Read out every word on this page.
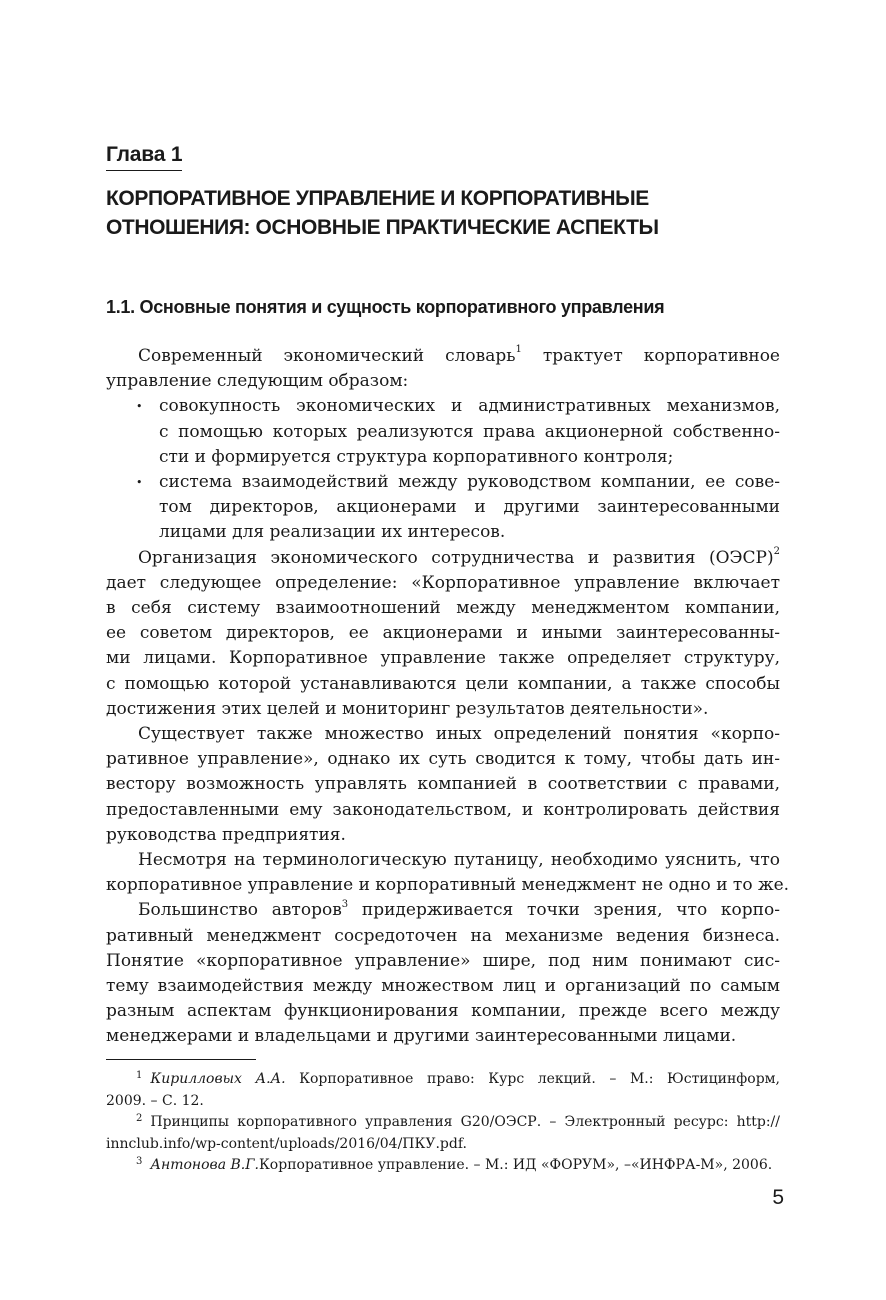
Глава 1
КОРПОРАТИВНОЕ УПРАВЛЕНИЕ И КОРПОРАТИВНЫЕ
ОТНОШЕНИЯ: ОСНОВНЫЕ ПРАКТИЧЕСКИЕ АСПЕКТЫ
1.1. Основные понятия и сущность корпоративного управления
Современный экономический словарь$^1$ трактует корпоративное
управление следующим образом:
• совокупность экономических и административных механизмов,
с помощью которых реализуются права акционерной собственно-
сти и формируется структура корпоративного контроля;
• система взаимодействий между руководством компании, ее сове-
том директоров, акционерами и другими заинтересованными
лицами для реализации их интересов.
Организация экономического сотрудничества и развития (ОЭСР)$^2$
дает следующее определение: «Корпоративное управление включает
в себя систему взаимоотношений между менеджментом компании,
ее советом директоров, ее акционерами и иными заинтересованны-
ми лицами. Корпоративное управление также определяет структуру,
с помощью которой устанавливаются цели компании, а также способы
достижения этих целей и мониторинг результатов деятельности».
Существует также множество иных определений понятия «корпо-
ративное управление», однако их суть сводится к тому, чтобы дать ин-
вестору возможность управлять компанией в соответствии с правами,
предоставленными ему законодательством, и контролировать действия
руководства предприятия.
Несмотря на терминологическую путаницу, необходимо уяснить, что
корпоративное управление и корпоративный менеджмент не одно и то же.
Большинство авторов$^3$ придерживается точки зрения, что корпо-
ративный менеджмент сосредоточен на механизме ведения бизнеса.
Понятие «корпоративное управление» шире, под ним понимают сис-
тему взаимодействия между множеством лиц и организаций по самым
разным аспектам функционирования компании, прежде всего между
менеджерами и владельцами и другими заинтересованными лицами.
$^1$ Кирилловых А.А. Корпоративное право: Курс лекций. – М.: Юстицинформ,
2009. – С. 12.
$^2$ Принципы корпоративного управления G20/ОЭСР. – Электронный ресурс: http://
innclub.info/wp-content/uploads/2016/04/ПКУ.pdf.
$^3$ Антонова В.Г.Корпоративное управление. – М.: ИД «ФОРУМ», –«ИНФРА-М», 2006.
5
